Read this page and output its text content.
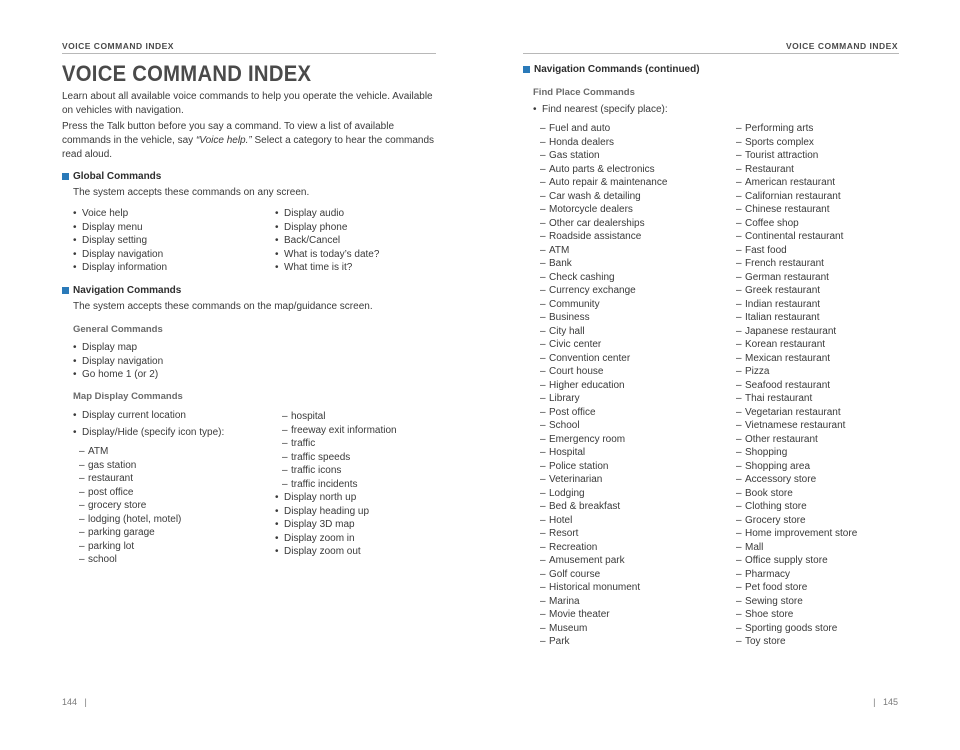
VOICE COMMAND INDEX
VOICE COMMAND INDEX

Learn about all available voice commands to help you operate the vehicle. Available on vehicles with navigation.

Press the Talk button before you say a command. To view a list of available commands in the vehicle, say “Voice help.” Select a category to hear the commands read aloud.

Global Commands
The system accepts these commands on any screen.
• Voice help
• Display menu
• Display setting
• Display navigation
• Display information
• Display audio
• Display phone
• Back/Cancel
• What is today’s date?
• What time is it?
Navigation Commands
The system accepts these commands on the map/guidance screen.
General Commands
• Display map
• Display navigation
• Go home 1 (or 2)
Map Display Commands
• Display current location
• Display/Hide (specify icon type):
– ATM
– gas station
– restaurant
– post office
– grocery store
– lodging (hotel, motel)
– parking garage
– parking lot
– school
– hospital
– freeway exit information
– traffic
– traffic speeds
– traffic icons
– traffic incidents
• Display north up
• Display heading up
• Display 3D map
• Display zoom in
• Display zoom out
144   |
VOICE COMMAND INDEX
Navigation Commands (continued)
Find Place Commands
• Find nearest (specify place):
– Fuel and auto
– Honda dealers
– Gas station
– Auto parts & electronics
– Auto repair & maintenance
– Car wash & detailing
– Motorcycle dealers
– Other car dealerships
– Roadside assistance
– ATM
– Bank
– Check cashing
– Currency exchange
– Community
– Business
– City hall
– Civic center
– Convention center
– Court house
– Higher education
– Library
– Post office
– School
– Emergency room
– Hospital
– Police station
– Veterinarian
– Lodging
– Bed & breakfast
– Hotel
– Resort
– Recreation
– Amusement park
– Golf course
– Historical monument
– Marina
– Movie theater
– Museum
– Park
– Performing arts
– Sports complex
– Tourist attraction
– Restaurant
– American restaurant
– Californian restaurant
– Chinese restaurant
– Coffee shop
– Continental restaurant
– Fast food
– French restaurant
– German restaurant
– Greek restaurant
– Indian restaurant
– Italian restaurant
– Japanese restaurant
– Korean restaurant
– Mexican restaurant
– Pizza
– Seafood restaurant
– Thai restaurant
– Vegetarian restaurant
– Vietnamese restaurant
– Other restaurant
– Shopping
– Shopping area
– Accessory store
– Book store
– Clothing store
– Grocery store
– Home improvement store
– Mall
– Office supply store
– Pharmacy
– Pet food store
– Sewing store
– Shoe store
– Sporting goods store
– Toy store
|   145
